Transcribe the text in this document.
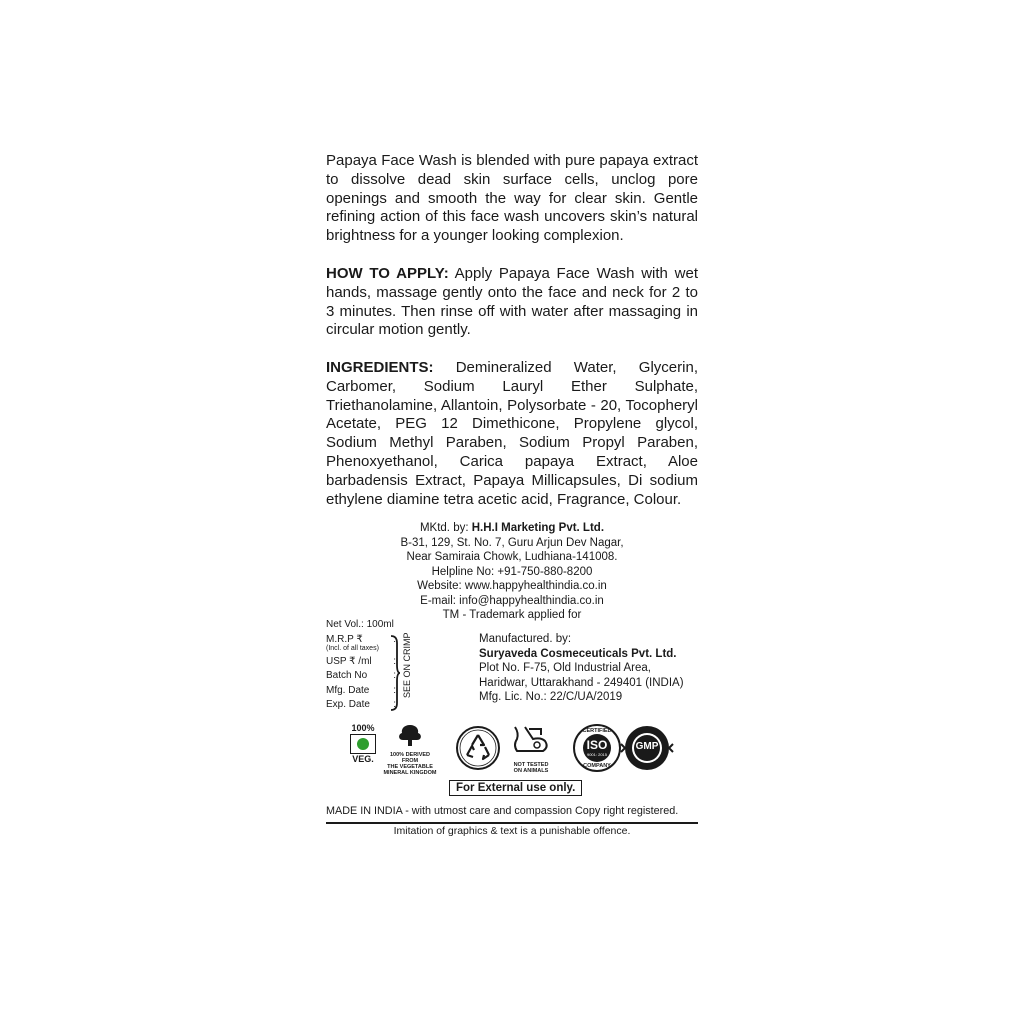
Papaya Face Wash is blended with pure papaya extract to dissolve dead skin surface cells, unclog pore openings and smooth the way for clear skin. Gentle refining action of this face wash uncovers skin’s natural brightness for a younger looking complexion.

HOW TO APPLY: Apply Papaya Face Wash with wet hands, massage gently onto the face and neck for 2 to 3 minutes. Then rinse off with water after massaging in circular motion gently.

INGREDIENTS: Demineralized Water, Glycerin, Carbomer, Sodium Lauryl Ether Sulphate, Triethanolamine, Allantoin, Polysorbate - 20, Tocopheryl Acetate, PEG 12 Dimethicone, Propylene glycol, Sodium Methyl Paraben, Sodium Propyl Paraben, Phenoxyethanol, Carica papaya Extract, Aloe barbadensis Extract, Papaya Millicapsules, Di sodium ethylene diamine tetra acetic acid, Fragrance, Colour.

MKtd. by: H.H.I Marketing Pvt. Ltd.
B-31, 129, St. No. 7, Guru Arjun Dev Nagar,
Near Samiraia Chowk, Ludhiana-141008.
Helpline No: +91-750-880-8200
Website: www.happyhealthindia.co.in
E-mail: info@happyhealthindia.co.in
TM - Trademark applied for
Net Vol.: 100ml
M.R.P ₹	:
(Incl. of all taxes)
USP ₹ /ml :
Batch No	:
Mfg. Date :
Exp. Date :
SEE ON CRIMP	Manufactured. by:
Suryaveda Cosmeceuticals Pvt. Ltd.
Plot No. F-75, Old Industrial Area,
Haridwar, Uttarakhand - 249401 (INDIA)
Mfg. Lic. No.: 22/C/UA/2019
100%
VEG.	100% DERIVED FROM
THE VEGETABLE
MINERAL KINGDOM
NOT TESTED
ON ANIMALS
CERTIFIED
ISO
9001: 2015
COMPANY
GMP
For External use only.
MADE IN INDIA - with utmost care and compassion Copy right registered.
Imitation of graphics & text is a punishable offence.
